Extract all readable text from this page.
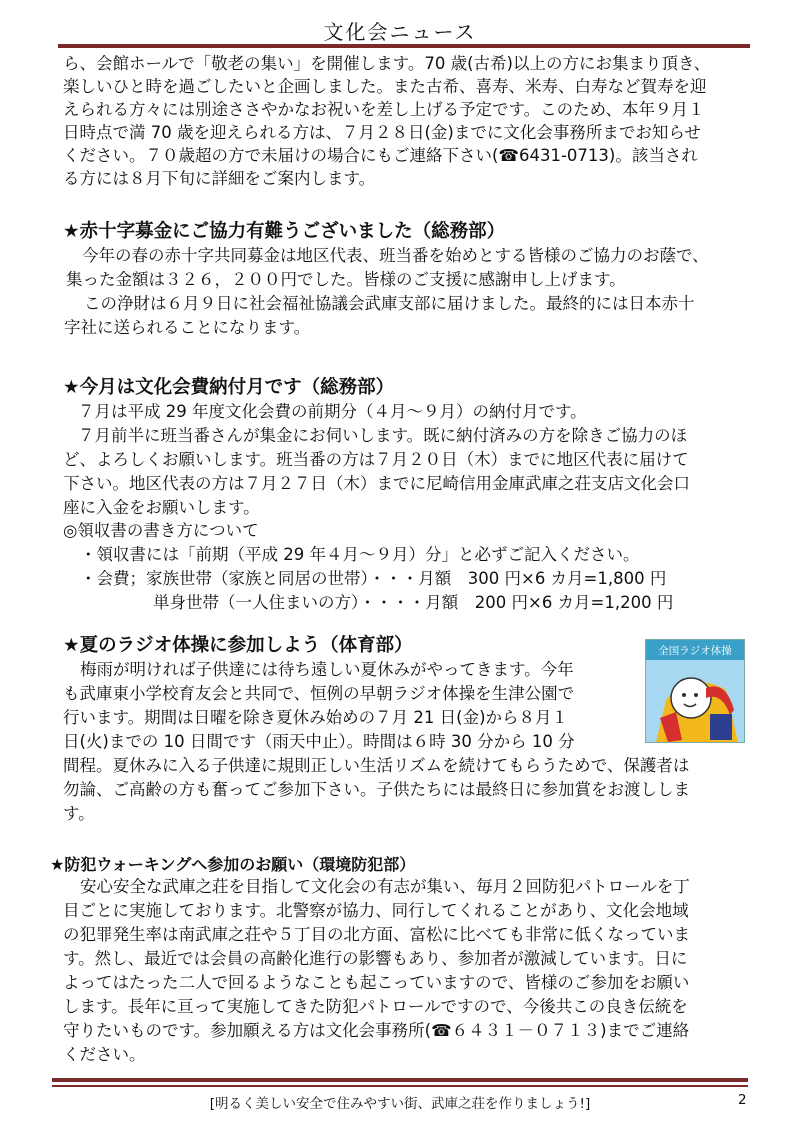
文化会ニュース

ら、会館ホールで「敬老の集い」を開催します。70 歳(古希)以上の方にお集まり頂き、

楽しいひと時を過ごしたいと企画しました。また古希、喜寿、米寿、白寿など賀寿を迎

えられる方々には別途ささやかなお祝いを差し上げる予定です。このため、本年９月１

日時点で満 70 歳を迎えられる方は、７月２８日(金)までに文化会事務所までお知らせ

ください。７０歳超の方で未届けの場合にもご連絡下さい(☎6431-0713)。該当され

る方には８月下旬に詳細をご案内します。

★赤十字募金にご協力有難うございました（総務部）

今年の春の赤十字共同募金は地区代表、班当番を始めとする皆様のご協力のお蔭で、

集った金額は３２６，２００円でした。皆様のご支援に感謝申し上げます。

この浄財は６月９日に社会福祉協議会武庫支部に届けました。最終的には日本赤十

字社に送られることになります。

★今月は文化会費納付月です（総務部）

７月は平成 29 年度文化会費の前期分（４月～９月）の納付月です。

７月前半に班当番さんが集金にお伺いします。既に納付済みの方を除きご協力のほ

ど、よろしくお願いします。班当番の方は７月２０日（木）までに地区代表に届けて

下さい。地区代表の方は７月２７日（木）までに尼崎信用金庫武庫之荘支店文化会口

座に入金をお願いします。

◎領収書の書き方について

・領収書には「前期（平成 29 年４月～９月）分」と必ずご記入ください。

・会費；家族世帯（家族と同居の世帯）・・・月額　300 円×6 カ月=1,800 円

単身世帯（一人住まいの方）・・・・月額　200 円×6 カ月=1,200 円

★夏のラジオ体操に参加しよう（体育部）

梅雨が明ければ子供達には待ち遠しい夏休みがやってきます。今年

も武庫東小学校育友会と共同で、恒例の早朝ラジオ体操を生津公園で

行います。期間は日曜を除き夏休み始めの７月 21 日(金)から８月１

日(火)までの 10 日間です（雨天中止）。時間は６時 30 分から 10 分

間程。夏休みに入る子供達に規則正しい生活リズムを続けてもらうためで、保護者は

勿論、ご高齢の方も奮ってご参加下さい。子供たちには最終日に参加賞をお渡ししま

す。

全国ラジオ体操
★防犯ウォーキングへ参加のお願い（環境防犯部）

安心安全な武庫之荘を目指して文化会の有志が集い、毎月２回防犯パトロールを丁

目ごとに実施しております。北警察が協力、同行してくれることがあり、文化会地域

の犯罪発生率は南武庫之荘や５丁目の北方面、富松に比べても非常に低くなっていま

す。然し、最近では会員の高齢化進行の影響もあり、参加者が激減しています。日に

よってはたった二人で回るようなことも起こっていますので、皆様のご参加をお願い

します。長年に亘って実施してきた防犯パトロールですので、今後共この良き伝統を

守りたいものです。参加願える方は文化会事務所(☎６４３１－０７１３)までご連絡

ください。

[明るく美しい安全で住みやすい街、武庫之荘を作りましょう!]	2
